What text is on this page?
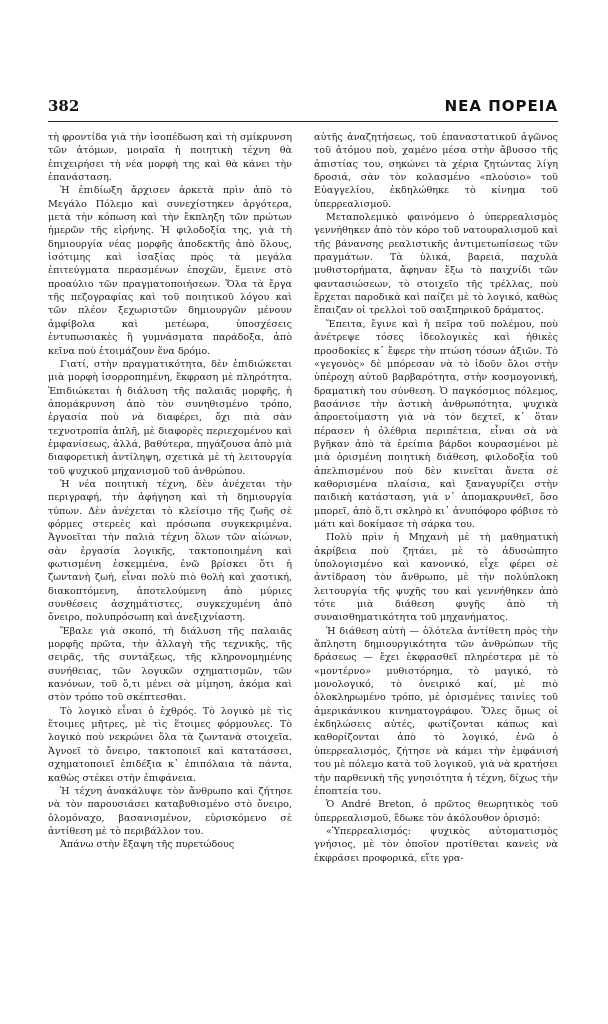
382	ΝΕΑ ΠΟΡΕΙΑ

τὴ φροντίδα γιὰ τὴν ἰσοπέδωση καὶ τὴ σμίκρυνση τῶν ἀτόμων, μοιραῖα ἡ ποιητικὴ τέχνη θὰ ἐπιχειρήσει τὴ νέα μορφὴ της καὶ θὰ κάνει τὴν ἐπανάσταση.

Ἡ ἐπιδίωξη ἄρχισεν ἀρκετὰ πρὶν ἀπὸ τὸ Μεγάλο Πόλεμο καὶ συνεχίστηκεν ἀργότερα, μετὰ τὴν κόπωση καὶ τὴν ἔκπληξη τῶν πρώτων ἡμερῶν τῆς εἰρήνης. Ἡ φιλοδοξία της, γιὰ τὴ δημιουργία νέας μορφῆς ἀποδεκτῆς ἀπὸ ὅλους, ἰσότιμης καὶ ἰσαξίας πρὸς τὰ μεγάλα ἐπιτεύγματα περασμένων ἐποχῶν, ἔμεινε στὸ προαύλιο τῶν πραγματοποιήσεων. Ὅλα τὰ ἔργα τῆς πεζογραφίας καὶ τοῦ ποιητικοῦ λόγου καὶ τῶν πλέον ξεχωριστῶν δημιουργῶν μένουν ἀμφίβολα καὶ μετέωρα, ὑποσχέσεις ἐντυπωσιακὲς ἢ γυμνάσματα παράδοξα, ἀπὸ κεῖνα ποὺ ἑτοιμάζουν ἕνα δρόμο.

Γιατί, στὴν πραγματικότητα, δὲν ἐπιδιώκεται μιὰ μορφὴ ἰσορροπημένη, ἔκφραση μὲ πληρότητα. Ἐπιδιώκεται ἡ διάλυση τῆς παλαιᾶς μορφῆς, ἡ ἀπομάκρυνση ἀπὸ τὸν συνηθισμένο τρόπο, ἐργασία ποὺ νὰ διαφέρει, ὄχι πιὰ σὰν τεχνοτροπία ἁπλῆ, μὲ διαφορὲς περιεχομένου καὶ ἐμφανίσεως, ἀλλά, βαθύτερα, πηγάζουσα ἀπὸ μιὰ διαφορετικὴ ἀντίληψη, σχετικὰ μὲ τὴ λειτουργία τοῦ ψυχικοῦ μηχανισμοῦ τοῦ ἀνθρώπου.

Ἡ νέα ποιητικὴ τέχνη, δὲν ἀνέχεται τὴν περιγραφή, τὴν ἀφήγηση καὶ τὴ δημιουργία τύπων. Δὲν ἀνέχεται τὸ κλείσιμο τῆς ζωῆς σὲ φόρμες στερεὲς καὶ πρόσωπα συγκεκριμένα. Ἀγνοεῖται τὴν παλιὰ τέχνη ὅλων τῶν αἰώνων, σὰν ἐργασία λογικῆς, τακτοποιημένη καὶ φωτισμένη ἐσκεμμένα, ἐνῶ βρίσκει ὅτι ἡ ζωντανὴ ζωή, εἶναι πολὺ πιὸ θολὴ καὶ χαοτική, διακοπτόμενη, ἀποτελούμενη ἀπὸ μύριες συνθέσεις ἀσχημάτιστες, συγκεχυμένη ἀπὸ ὄνειρο, πολυπρόσωπη καὶ ἀνεξιχνίαστη.

Ἔβαλε γιὰ σκοπό, τὴ διάλυση τῆς παλαιᾶς μορφῆς πρῶτα, τὴν ἀλλαγὴ τῆς τεχνικῆς, τῆς σειρᾶς, τῆς συντάξεως, τῆς κληρονομημένης συνήθειας, τῶν λογικῶν σχηματισμῶν, τῶν κανόνων, τοῦ ὅ,τι μένει σὰ μίμηση, ἀκόμα καὶ στὸν τρόπο τοῦ σκέπτεσθαι.

Τὸ λογικὸ εἶναι ὁ ἐχθρός. Τὸ λογικὸ μὲ τὶς ἕτοιμες μῆτρες, μὲ τὶς ἕτοιμες φόρμουλες. Τὸ λογικὸ ποὺ νεκρώνει ὅλα τὰ ζωντανὰ στοιχεῖα. Ἀγνοεῖ τὸ ὄνειρο, τακτοποιεῖ καὶ κατατάσσει, σχηματοποιεῖ ἐπιδέξια κ᾿ ἐπιπόλαια τὰ πάντα, καθὼς στέκει στὴν ἐπιφάνεια.

Ἡ τέχνη ἀνακάλυψε τὸν ἄνθρωπο καὶ ζήτησε νὰ τὸν παρουσιάσει καταβυθισμένο στὸ ὄνειρο, ὁλομόναχο, βασανισμένον, εὑρισκόμενο σὲ ἀντίθεση μὲ τὸ περιβάλλον του.

Ἀπάνω στὴν ἔξαψη τῆς πυρετώδους

αὐτῆς ἀναζητήσεως, τοῦ ἐπαναστατικοῦ ἀγῶνος τοῦ ἀτόμου ποὺ, χαμένο μέσα στὴν ἄβυσσο τῆς ἀπιστίας του, σηκώνει τὰ χέρια ζητώντας λίγη δροσιά, σὰν τὸν κολασμένο «πλούσιο» τοῦ Εὐαγγελίου, ἐκδηλώθηκε τὸ κίνημα τοῦ ὑπερρεαλισμοῦ.

Μεταπολεμικὸ φαινόμενο ὁ ὑπερρεαλισμὸς γεννήθηκεν ἀπὸ τὸν κόρο τοῦ νατουραλισμοῦ καὶ τῆς βάνανσης ρεαλιστικῆς ἀντιμετωπίσεως τῶν πραγμάτων. Τὰ ὑλικά, βαρειά, παχυλὰ μυθιστορήματα, ἄφηναν ἔξω τὸ παιχνίδι τῶν φαντασιώσεων, τὸ στοιχεῖο τῆς τρέλλας, ποὺ ἔρχεται παροδικὰ καὶ παίζει μὲ τὸ λογικό, καθὼς ἔπαιζαν οἱ τρελλοὶ τοῦ σαιξπηρικοῦ δράματος.

Ἔπειτα, ἔγινε καὶ ἡ πεῖρα τοῦ πολέμου, ποὺ ἀνέτρεψε τόσες ἰδεολογικὲς καὶ ἠθικὲς προσδοκίες κ᾿ ἔφερε τὴν πτώση τόσων ἀξιῶν. Τὸ «γεγονὸς» δὲ μπόρεσαν νὰ τὸ ἰδοῦν ὅλοι στὴν ὑπέροχη αὐτοῦ βαρβαρότητα, στὴν κοσμογονική, δραματικὴ του σύνθεση. Ὁ παγκόσμιος πόλεμος, βασάνισε τὴν ἀστικὴ ἀνθρωπότητα, ψυχικὰ ἀπροετοίμαστη γιὰ νὰ τὸν δεχτεῖ, κ᾿ ὅταν πέρασεν ἡ ὀλέθρια περιπέτεια, εἶναι σὰ νὰ βγῆκαν ἀπὸ τὰ ἐρείπια βάρδοι κουρασμένοι μὲ μιὰ ὁρισμένη ποιητικὴ διάθεση, φιλοδοξία τοῦ ἀπελπισμένου ποὺ δὲν κινεῖται ἄνετα σὲ καθορισμένα πλαίσια, καὶ ξαναγυρίζει στὴν παιδικὴ κατάσταση, γιὰ ν᾿ ἀπομακρυνθεῖ, ὅσο μπορεῖ, ἀπὸ ὅ,τι σκληρὸ κι᾿ ἀνυπόφορο φόβισε τὸ μάτι καὶ δοκίμασε τὴ σάρκα του.

Πολὺ πρὶν ἡ Μηχανὴ μὲ τὴ μαθηματικὴ ἀκρίβεια ποὺ ζητάει, μὲ τὸ ἀδυσώπητο ὑπολογισμένο καὶ κανονικό, εἶχε φέρει σὲ ἀντίδραση τὸν ἄνθρωπο, μὲ τὴν πολύπλοκη λειτουργία τῆς ψυχῆς του καὶ γεννήθηκεν ἀπὸ τότε μιὰ διάθεση φυγῆς ἀπὸ τὴ συναισθηματικότητα τοῦ μηχανήματος.

Ἡ διάθεση αὐτὴ — ὁλότελα ἀντίθετη πρὸς τὴν ἄπληστη δημιουργικότητα τῶν ἀνθρώπων τῆς δράσεως — ἔχει ἐκφρασθεῖ πληρέστερα μὲ τὸ «μοντέρνο» μυθιστόρημα, τὸ μαγικό, τὸ μονολογικό, τὸ ὀνειρικό καί, μὲ πιὸ ὁλοκληρωμένο τρόπο, μὲ ὁρισμένες ταινίες τοῦ ἀμερικάνικου κινηματογράφου. Ὅλες ὅμως οἱ ἐκδηλώσεις αὐτές, φωτίζονται κάπως καὶ καθορίζονται ἀπὸ τὸ λογικό, ἐνῶ ὁ ὑπερρεαλισμός, ζήτησε νὰ κάμει τὴν ἐμφάνισή του μὲ πόλεμο κατὰ τοῦ λογικοῦ, γιὰ νὰ κρατήσει τὴν παρθενικὴ τῆς γνησιότητα ἡ τέχνη, δίχως τὴν ἐποπτεία του.

Ὁ André Breton, ὁ πρῶτος θεωρητικὸς τοῦ ὑπερρεαλισμοῦ, ἔδωκε τὸν ἀκόλουθον ὁρισμό:

«Ὑπερρεαλισμός: ψυχικὸς αὐτοματισμὸς γνήσιος, μὲ τὸν ὁποῖον προτίθεται κανεὶς νὰ ἐκφράσει προφορικά, εἴτε γρα-
